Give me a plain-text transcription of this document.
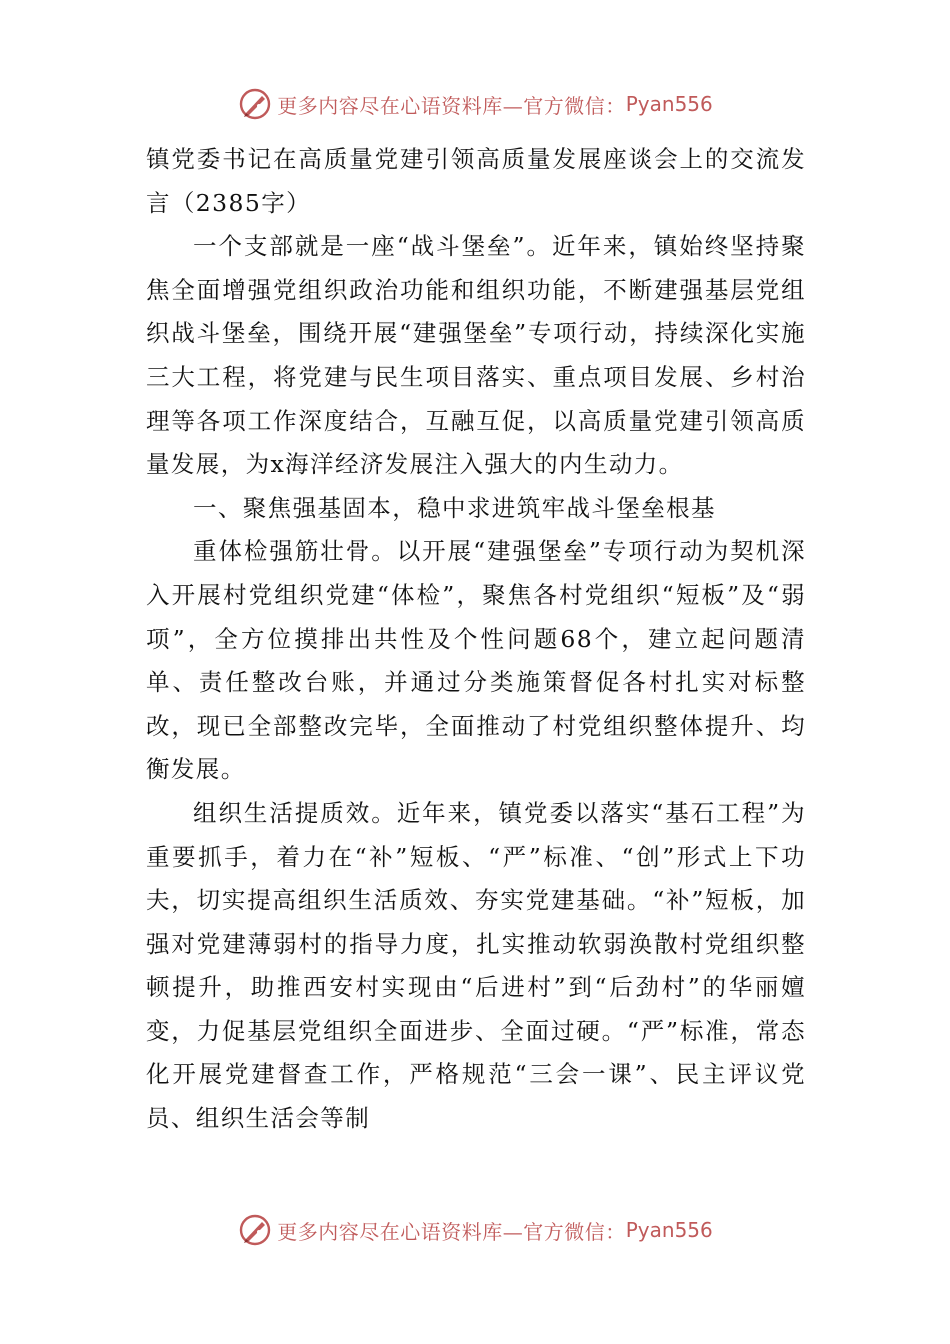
更多内容尽在心语资料库—官方微信： Pyan556

镇党委书记在高质量党建引领高质量发展座谈会上的交流发言（2385字）

一个支部就是一座“战斗堡垒”。近年来，镇始终坚持聚焦全面增强党组织政治功能和组织功能，不断建强基层党组织战斗堡垒，围绕开展“建强堡垒”专项行动，持续深化实施三大工程，将党建与民生项目落实、重点项目发展、乡村治理等各项工作深度结合，互融互促，以高质量党建引领高质量发展，为x海洋经济发展注入强大的内生动力。

一、聚焦强基固本，稳中求进筑牢战斗堡垒根基

重体检强筋壮骨。以开展“建强堡垒”专项行动为契机深入开展村党组织党建“体检”，聚焦各村党组织“短板”及“弱项”，全方位摸排出共性及个性问题68个，建立起问题清单、责任整改台账，并通过分类施策督促各村扎实对标整改，现已全部整改完毕，全面推动了村党组织整体提升、均衡发展。

组织生活提质效。近年来，镇党委以落实“基石工程”为重要抓手，着力在“补”短板、“严”标准、“创”形式上下功夫，切实提高组织生活质效、夯实党建基础。“补”短板，加强对党建薄弱村的指导力度，扎实推动软弱涣散村党组织整顿提升，助推西安村实现由“后进村”到“后劲村”的华丽嬗变，力促基层党组织全面进步、全面过硬。“严”标准，常态化开展党建督查工作，严格规范“三会一课”、民主评议党员、组织生活会等制

更多内容尽在心语资料库—官方微信： Pyan556
